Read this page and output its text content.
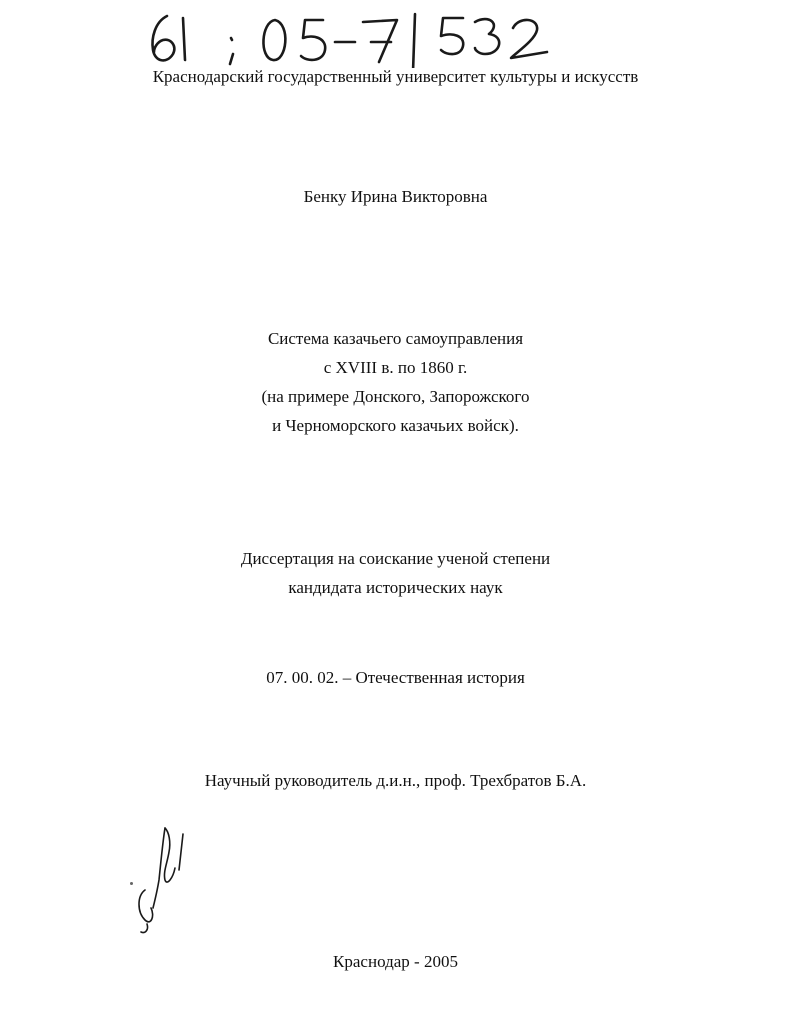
Краснодарский государственный университет культуры и искусств
Бенку Ирина Викторовна
Система казачьего самоуправления
с XVIII в. по 1860 г.
(на примере Донского, Запорожского
и Черноморского казачьих войск).
Диссертация на соискание ученой степени
кандидата исторических наук
07. 00. 02. – Отечественная история
Научный руководитель д.и.н., проф. Трехбратов Б.А.
Краснодар - 2005
